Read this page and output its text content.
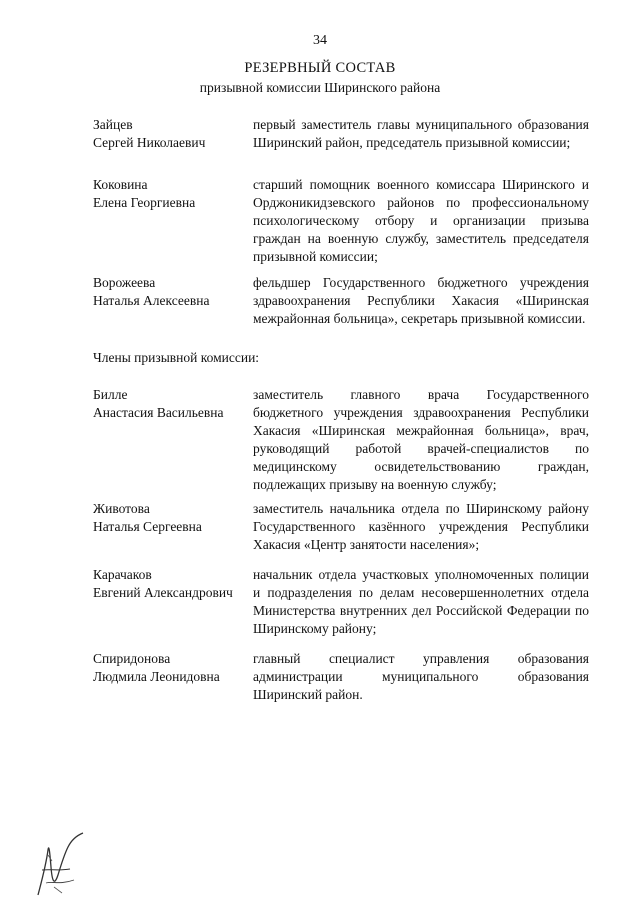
34
РЕЗЕРВНЫЙ СОСТАВ
призывной комиссии Ширинского района
Зайцев
Сергей Николаевич
первый заместитель главы муниципального образования Ширинский район, председатель призывной комиссии;
Коковина
Елена Георгиевна
старший помощник военного комиссара Ширинского и Орджоникидзевского районов по профессиональному психологическому отбору и организации призыва граждан на военную службу, заместитель председателя призывной комиссии;
Ворожеева
Наталья Алексеевна
фельдшер Государственного бюджетного учреждения здравоохранения Республики Хакасия «Ширинская межрайонная больница», секретарь призывной комиссии.
Члены призывной комиссии:
Билле
Анастасия Васильевна
заместитель главного врача Государственного бюджетного учреждения здравоохранения Республики Хакасия «Ширинская межрайонная больница», врач, руководящий работой врачей-специалистов по медицинскому освидетельствованию граждан, подлежащих призыву на военную службу;
Животова
Наталья Сергеевна
заместитель начальника отдела по Ширинскому району Государственного казённого учреждения Республики Хакасия «Центр занятости населения»;
Карачаков
Евгений Александрович
начальник отдела участковых уполномоченных полиции и подразделения по делам несовершеннолетних отдела Министерства внутренних дел Российской Федерации по Ширинскому району;
Спиридонова
Людмила Леонидовна
главный специалист управления образования администрации муниципального образования Ширинский район.
